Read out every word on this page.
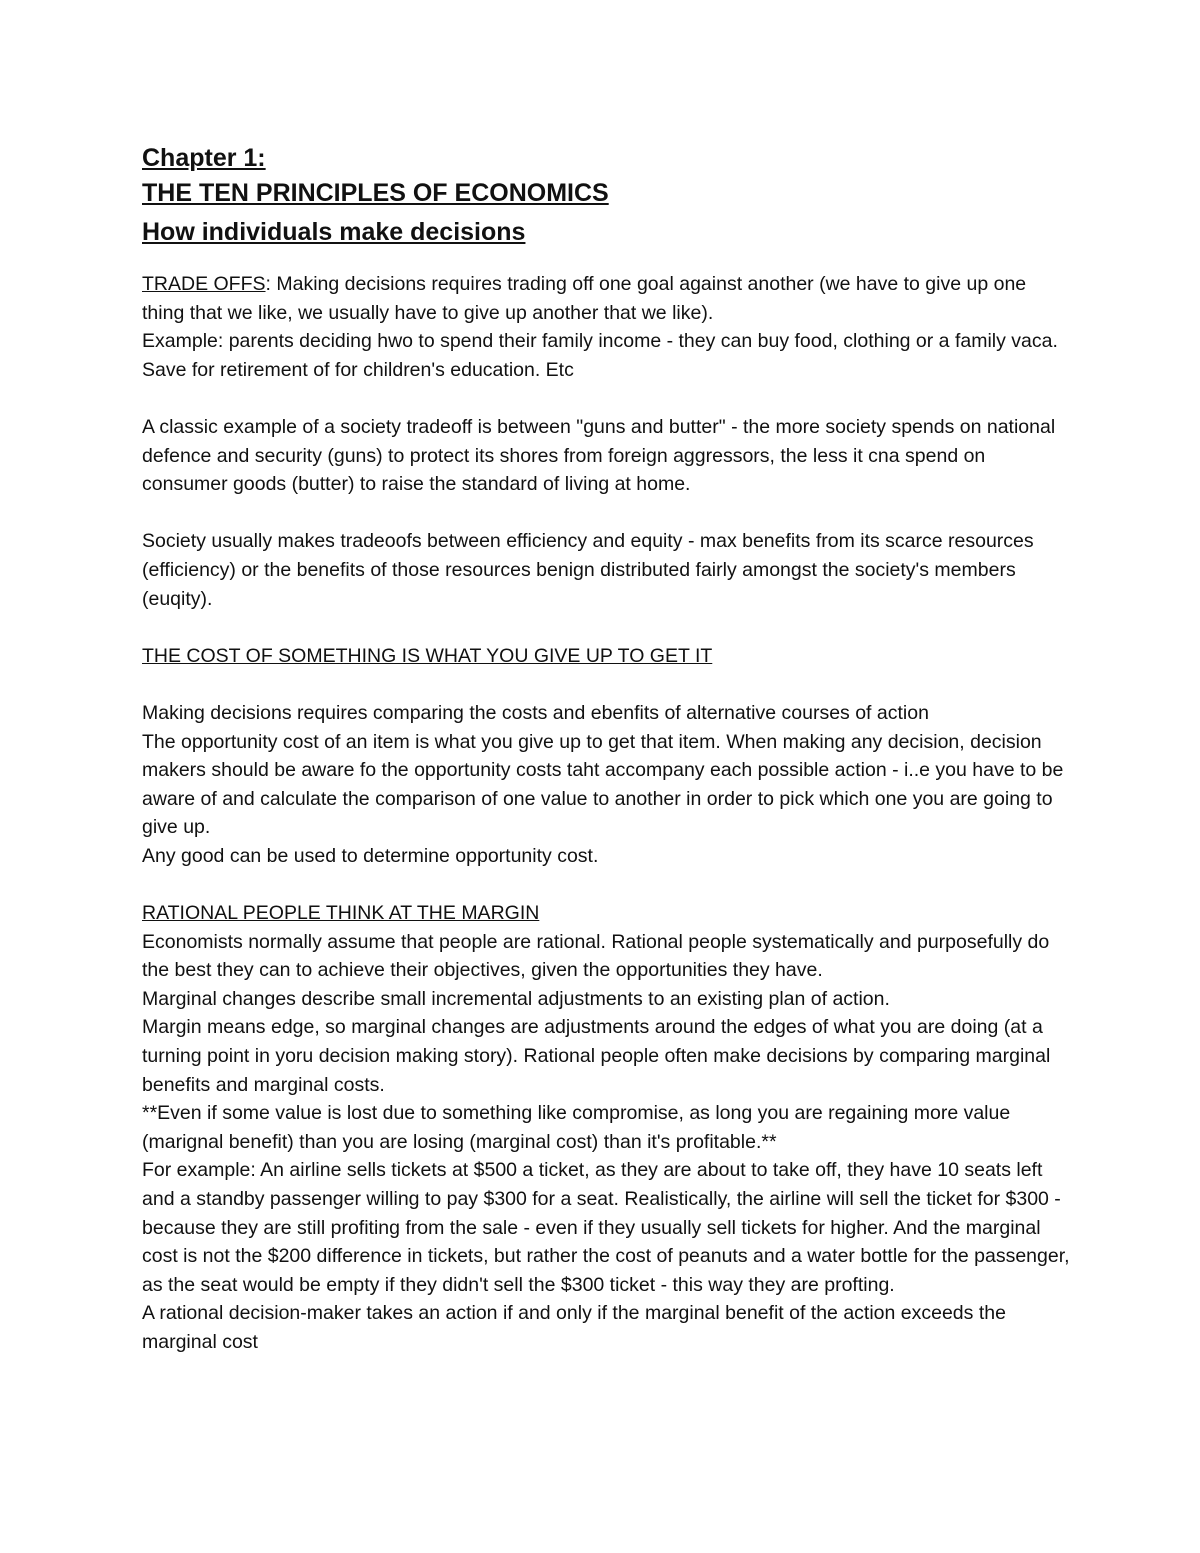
Chapter 1:

THE TEN PRINCIPLES OF ECONOMICS

How individuals make decisions

TRADE OFFS: Making decisions requires trading off one goal against another (we have to give up one thing that we like, we usually have to give up another that we like).

Example: parents deciding hwo to spend their family income - they can buy food, clothing or a family vaca. Save for retirement of for children's education. Etc

A classic example of a society tradeoff is between "guns and butter" - the more society spends on national defence and security (guns) to protect its shores from foreign aggressors, the less it cna spend on consumer goods (butter) to raise the standard of living at home.

Society usually makes tradeoofs between efficiency and equity - max benefits from its scarce resources (efficiency) or the benefits of those resources benign distributed fairly amongst the society's members (euqity).

THE COST OF SOMETHING IS WHAT YOU GIVE UP TO GET IT

Making decisions requires comparing the costs and ebenfits of alternative courses of action

The opportunity cost of an item is what you give up to get that item. When making any decision, decision makers should be aware fo the opportunity costs taht accompany each possible action - i..e you have to be aware of and calculate the comparison of one value to another in order to pick which one you are going to give up.

Any good can be used to determine opportunity cost.

RATIONAL PEOPLE THINK AT THE MARGIN

Economists normally assume that people are rational. Rational people systematically and purposefully do the best they can to achieve their objectives, given the opportunities they have.

Marginal changes describe small incremental adjustments to an existing plan of action.

Margin means edge, so marginal changes are adjustments around the edges of what you are doing (at a turning point in yoru decision making story). Rational people often make decisions by comparing marginal benefits and marginal costs.

**Even if some value is lost due to something like compromise, as long you are regaining more value (marignal benefit) than you are losing (marginal cost) than it's profitable.**

For example: An airline sells tickets at $500 a ticket, as they are about to take off, they have 10 seats left and a standby passenger willing to pay $300 for a seat. Realistically, the airline will sell the ticket for $300 - because they are still profiting from the sale - even if they usually sell tickets for higher. And the marginal cost is not the $200 difference in tickets, but rather the cost of peanuts and a water bottle for the passenger, as the seat would be empty if they didn't sell the $300 ticket - this way they are profting.

A rational decision-maker takes an action if and only if the marginal benefit of the action exceeds the marginal cost
